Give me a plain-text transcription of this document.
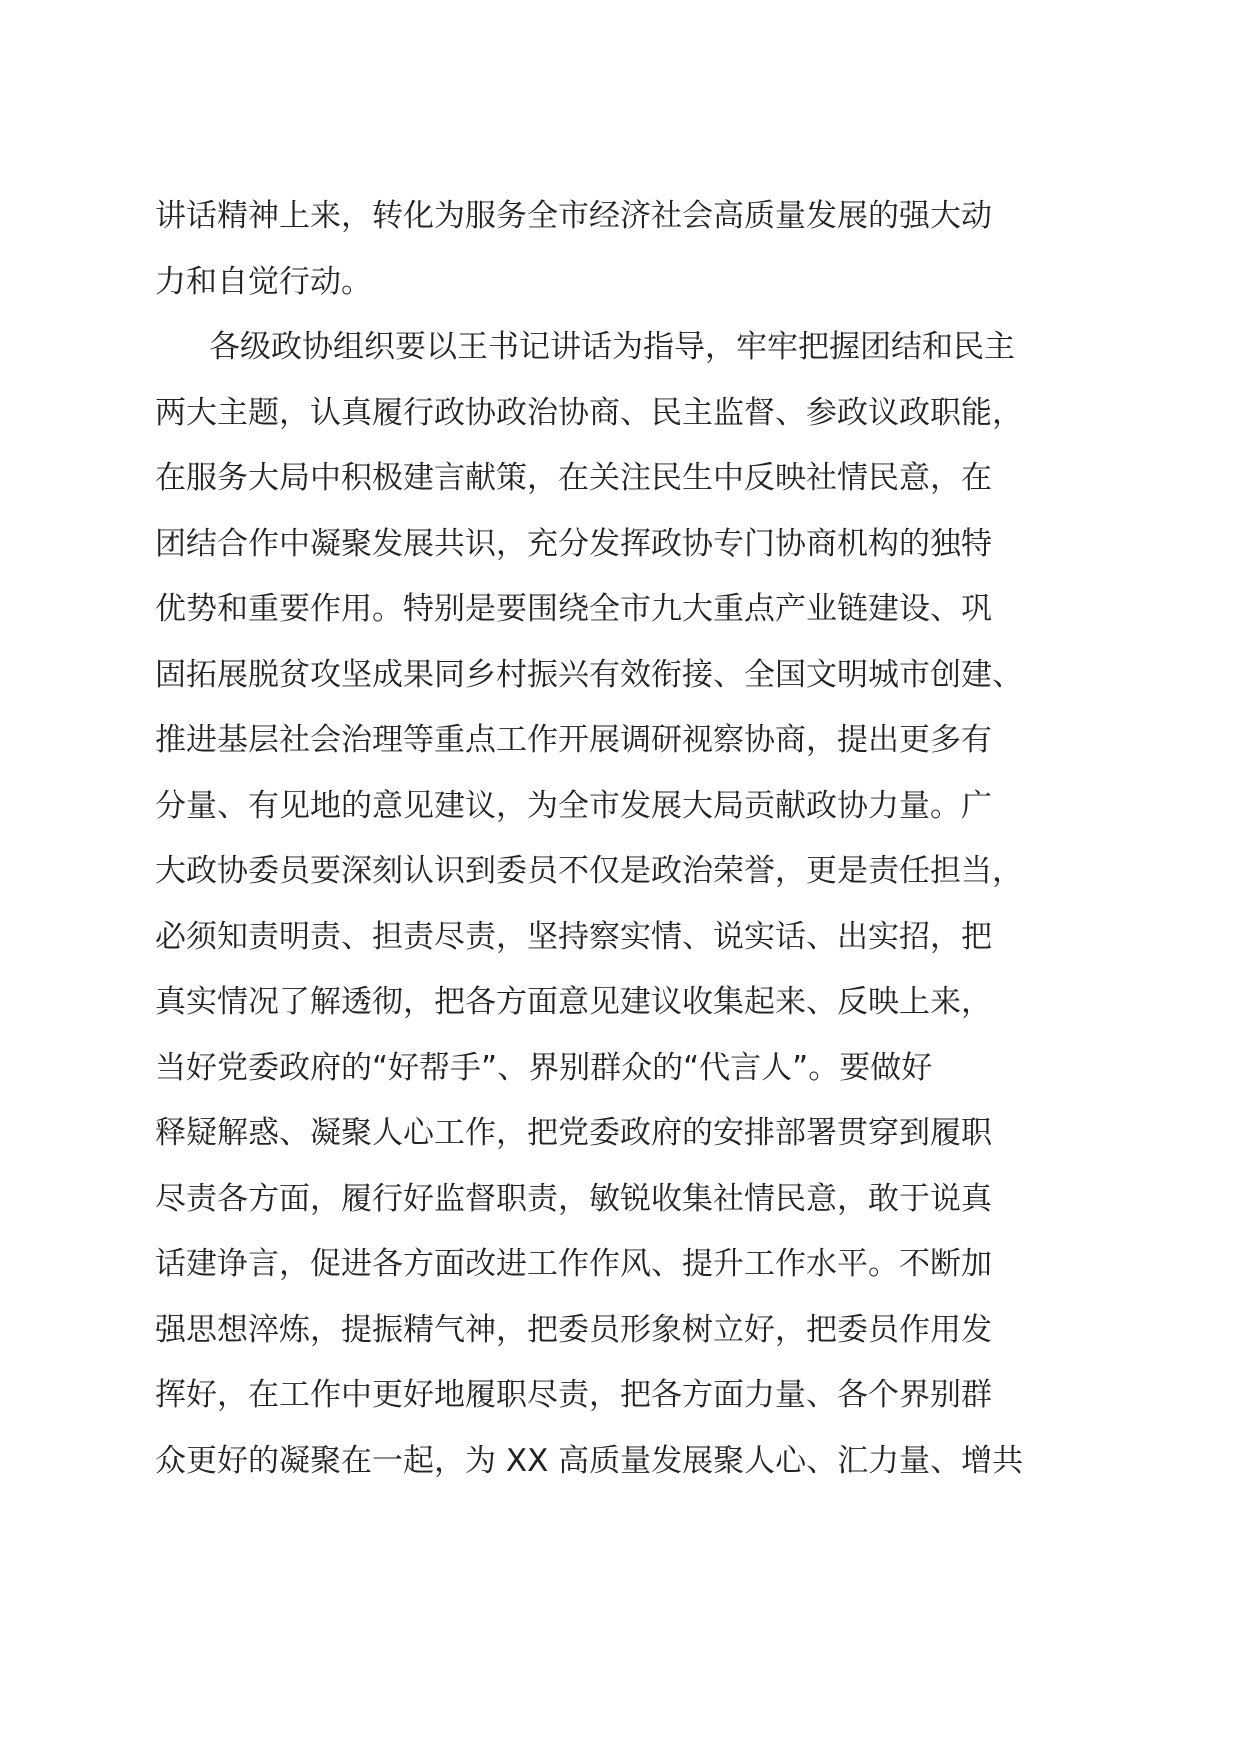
讲话精神上来，转化为服务全市经济社会高质量发展的强大动
力和自觉行动。
各级政协组织要以王书记讲话为指导，牢牢把握团结和民主
两大主题，认真履行政协政治协商、民主监督、参政议政职能，
在服务大局中积极建言献策，在关注民生中反映社情民意，在
团结合作中凝聚发展共识，充分发挥政协专门协商机构的独特
优势和重要作用。特别是要围绕全市九大重点产业链建设、巩
固拓展脱贫攻坚成果同乡村振兴有效衔接、全国文明城市创建、
推进基层社会治理等重点工作开展调研视察协商，提出更多有
分量、有见地的意见建议，为全市发展大局贡献政协力量。广
大政协委员要深刻认识到委员不仅是政治荣誉，更是责任担当，
必须知责明责、担责尽责，坚持察实情、说实话、出实招，把
真实情况了解透彻，把各方面意见建议收集起来、反映上来，
当好党委政府的“好帮手”、界别群众的“代言人”。要做好
释疑解惑、凝聚人心工作，把党委政府的安排部署贯穿到履职
尽责各方面，履行好监督职责，敏锐收集社情民意，敢于说真
话建诤言，促进各方面改进工作作风、提升工作水平。不断加
强思想淬炼，提振精气神，把委员形象树立好，把委员作用发
挥好，在工作中更好地履职尽责，把各方面力量、各个界别群
众更好的凝聚在一起，为 XX 高质量发展聚人心、汇力量、增共
